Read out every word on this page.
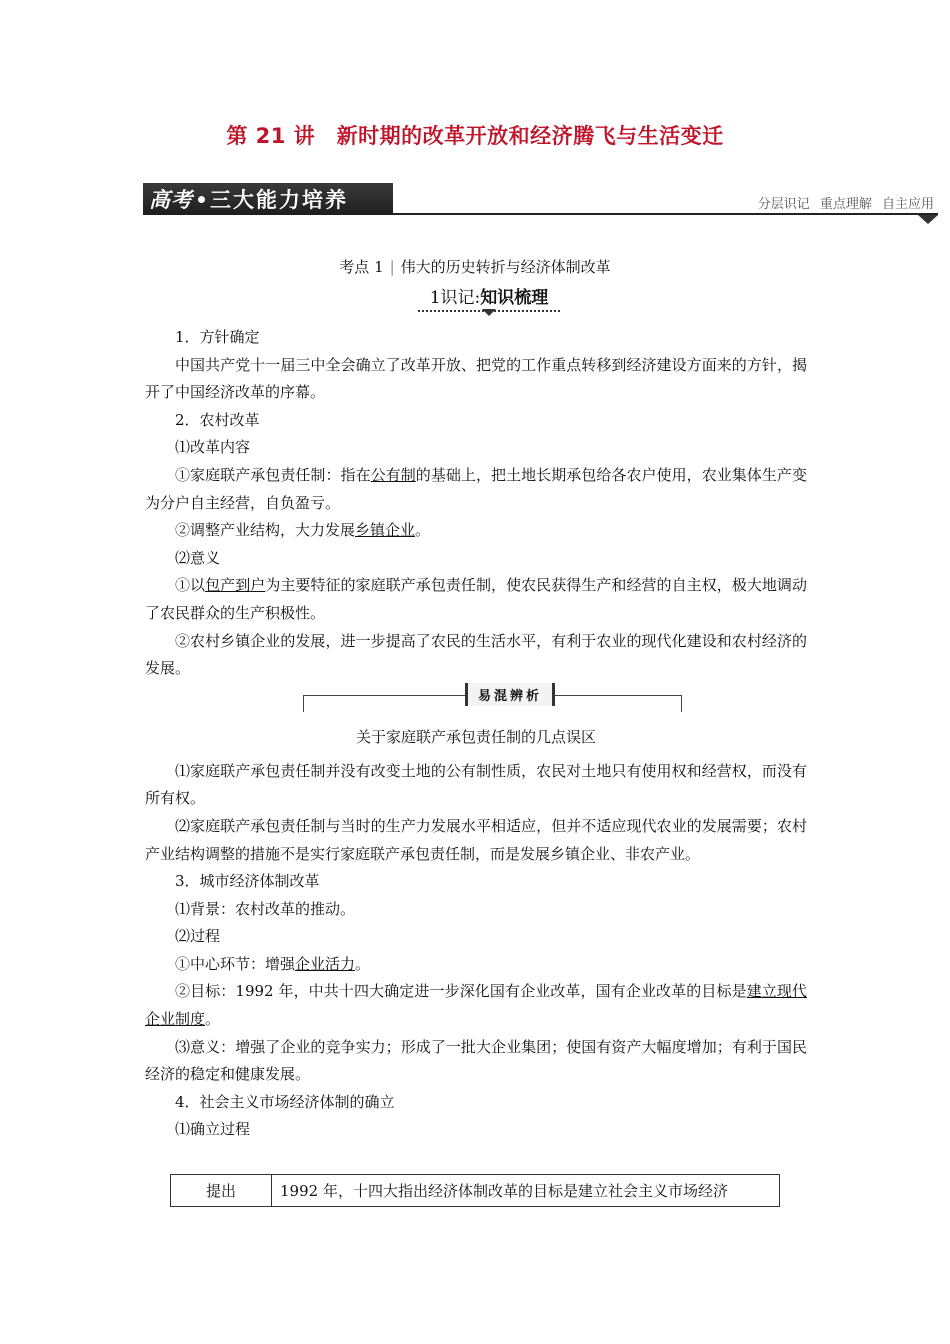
第 21 讲　新时期的改革开放和经济腾飞与生活变迁
高考 三大能力培养	分层识记 重点理解 自主应用
考点 1 | 伟大的历史转折与经济体制改革
1识记:知识梳理

1．方针确定

中国共产党十一届三中全会确立了改革开放、把党的工作重点转移到经济建设方面来的方针，揭开了中国经济改革的序幕。

2．农村改革

⑴改革内容

①家庭联产承包责任制：指在公有制的基础上，把土地长期承包给各农户使用，农业集体生产变为分户自主经营，自负盈亏。

②调整产业结构，大力发展乡镇企业。

⑵意义

①以包产到户为主要特征的家庭联产承包责任制，使农民获得生产和经营的自主权，极大地调动了农民群众的生产积极性。

②农村乡镇企业的发展，进一步提高了农民的生活水平，有利于农业的现代化建设和农村经济的发展。

易混辨析
关于家庭联产承包责任制的几点误区

⑴家庭联产承包责任制并没有改变土地的公有制性质，农民对土地只有使用权和经营权，而没有所有权。

⑵家庭联产承包责任制与当时的生产力发展水平相适应，但并不适应现代农业的发展需要；农村产业结构调整的措施不是实行家庭联产承包责任制，而是发展乡镇企业、非农产业。

3．城市经济体制改革

⑴背景：农村改革的推动。

⑵过程

①中心环节：增强企业活力。

②目标：1992 年，中共十四大确定进一步深化国有企业改革，国有企业改革的目标是建立现代企业制度。

⑶意义：增强了企业的竞争实力；形成了一批大企业集团；使国有资产大幅度增加；有利于国民经济的稳定和健康发展。

4．社会主义市场经济体制的确立

⑴确立过程

提出	1992 年，十四大指出经济体制改革的目标是建立社会主义市场经济
